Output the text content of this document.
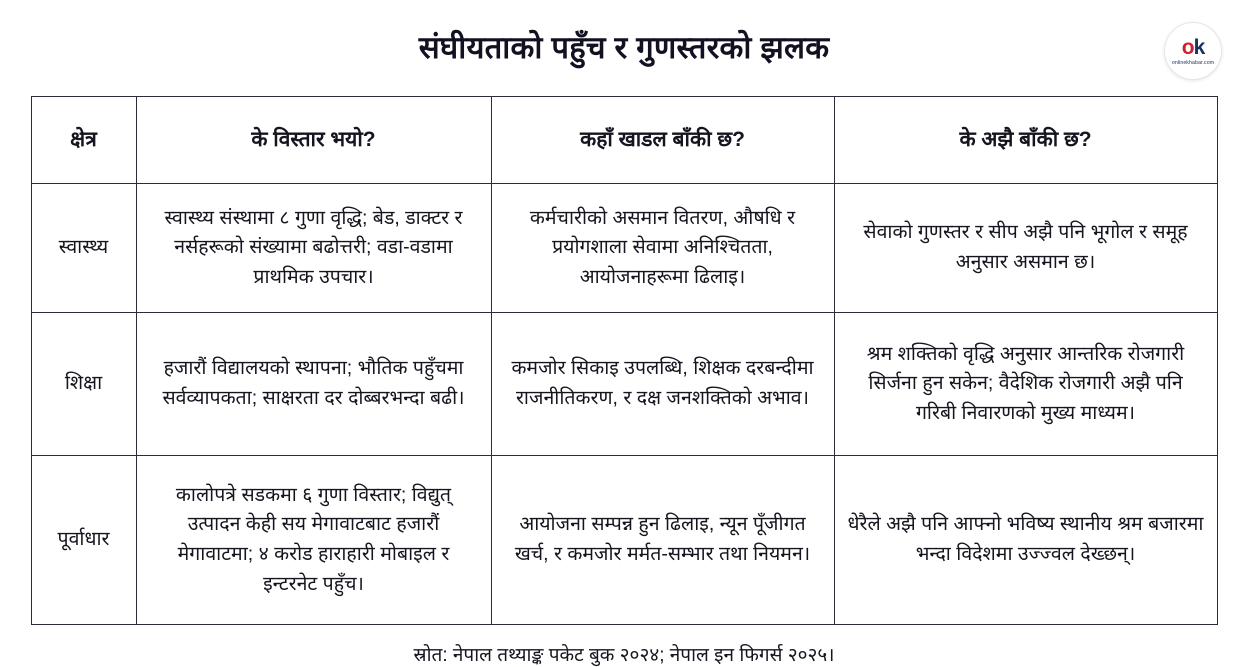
संघीयताको पहुँच र गुणस्तरको झलक	ok
onlinekhabar.com
क्षेत्र	के विस्तार भयो?	कहाँ खाडल बाँकी छ?	के अझै बाँकी छ?
स्वास्थ्य	स्वास्थ्य संस्थामा ८ गुणा वृद्धि; बेड, डाक्टर र नर्सहरूको संख्यामा बढोत्तरी; वडा-वडामा प्राथमिक उपचार।	कर्मचारीको असमान वितरण, औषधि र प्रयोगशाला सेवामा अनिश्चितता, आयोजनाहरूमा ढिलाइ।	सेवाको गुणस्तर र सीप अझै पनि भूगोल र समूह अनुसार असमान छ।
शिक्षा	हजारौं विद्यालयको स्थापना; भौतिक पहुँचमा सर्वव्यापकता; साक्षरता दर दोब्बरभन्दा बढी।	कमजोर सिकाइ उपलब्धि, शिक्षक दरबन्दीमा राजनीतिकरण, र दक्ष जनशक्तिको अभाव।	श्रम शक्तिको वृद्धि अनुसार आन्तरिक रोजगारी सिर्जना हुन सकेन; वैदेशिक रोजगारी अझै पनि गरिबी निवारणको मुख्य माध्यम।
पूर्वाधार	कालोपत्रे सडकमा ६ गुणा विस्तार; विद्युत् उत्पादन केही सय मेगावाटबाट हजारौं मेगावाटमा; ४ करोड हाराहारी मोबाइल र इन्टरनेट पहुँच।	आयोजना सम्पन्न हुन ढिलाइ, न्यून पूँजीगत खर्च, र कमजोर मर्मत-सम्भार तथा नियमन।	धेरैले अझै पनि आफ्नो भविष्य स्थानीय श्रम बजारमा भन्दा विदेशमा उज्ज्वल देख्छन्।
स्रोत: नेपाल तथ्याङ्क पकेट बुक २०२४; नेपाल इन फिगर्स २०२५।
